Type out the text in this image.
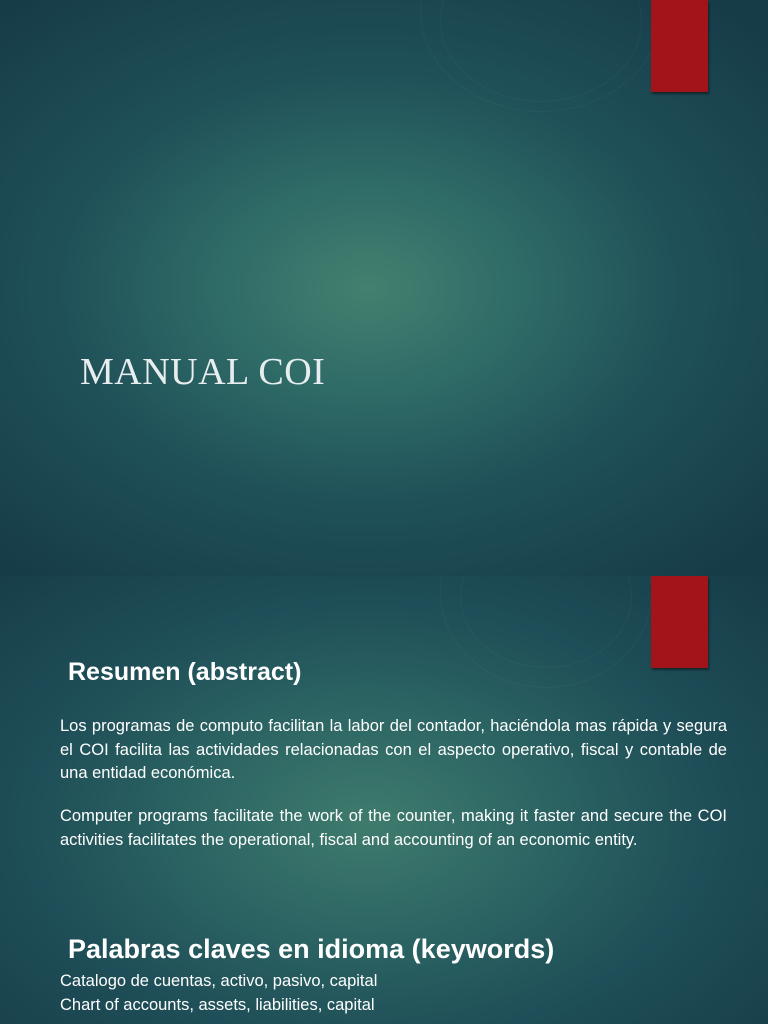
MANUAL COI
Resumen (abstract)

Los programas de computo facilitan la labor del contador, haciéndola mas rápida y segura el COI facilita las actividades relacionadas con el aspecto operativo, fiscal y contable de una entidad económica.

Computer programs facilitate the work of the counter, making it faster and secure the COI activities facilitates the operational, fiscal and accounting of an economic entity.

Palabras claves en idioma (keywords)

Catalogo de cuentas, activo, pasivo, capital

Chart of accounts, assets, liabilities, capital
